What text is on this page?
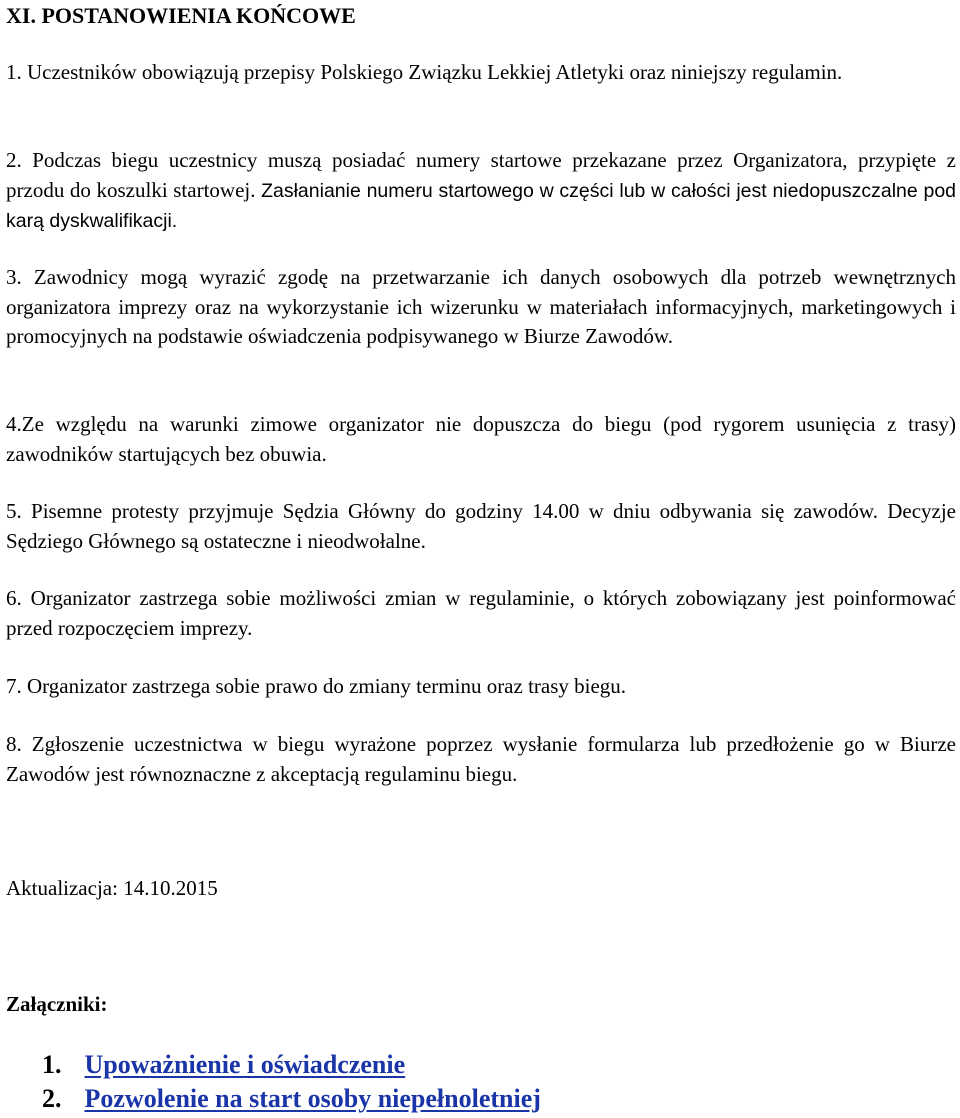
XI. POSTANOWIENIA KOŃCOWE

1. Uczestników obowiązują przepisy Polskiego Związku Lekkiej Atletyki oraz niniejszy regulamin.

2. Podczas biegu uczestnicy muszą posiadać numery startowe przekazane przez Organizatora, przypięte z przodu do koszulki startowej. Zasłanianie numeru startowego w części lub w całości jest niedopuszczalne pod karą dyskwalifikacji.

3. Zawodnicy mogą wyrazić zgodę na przetwarzanie ich danych osobowych dla potrzeb wewnętrznych organizatora imprezy oraz na wykorzystanie ich wizerunku w materiałach informacyjnych, marketingowych i promocyjnych na podstawie oświadczenia podpisywanego w Biurze Zawodów.

4.Ze względu na warunki zimowe organizator nie dopuszcza do biegu (pod rygorem usunięcia z trasy) zawodników startujących bez obuwia.

5. Pisemne protesty przyjmuje Sędzia Główny do godziny 14.00 w dniu odbywania się zawodów. Decyzje Sędziego Głównego są ostateczne i nieodwołalne.

6. Organizator zastrzega sobie możliwości zmian w regulaminie, o których zobowiązany jest poinformować przed rozpoczęciem imprezy.

7. Organizator zastrzega sobie prawo do zmiany terminu oraz trasy biegu.

8. Zgłoszenie uczestnictwa w biegu wyrażone poprzez wysłanie formularza lub przedłożenie go w Biurze Zawodów jest równoznaczne z akceptacją regulaminu biegu.

Aktualizacja: 14.10.2015

Załączniki:

1. Upoważnienie i oświadczenie
2. Pozwolenie na start osoby niepełnoletniej
